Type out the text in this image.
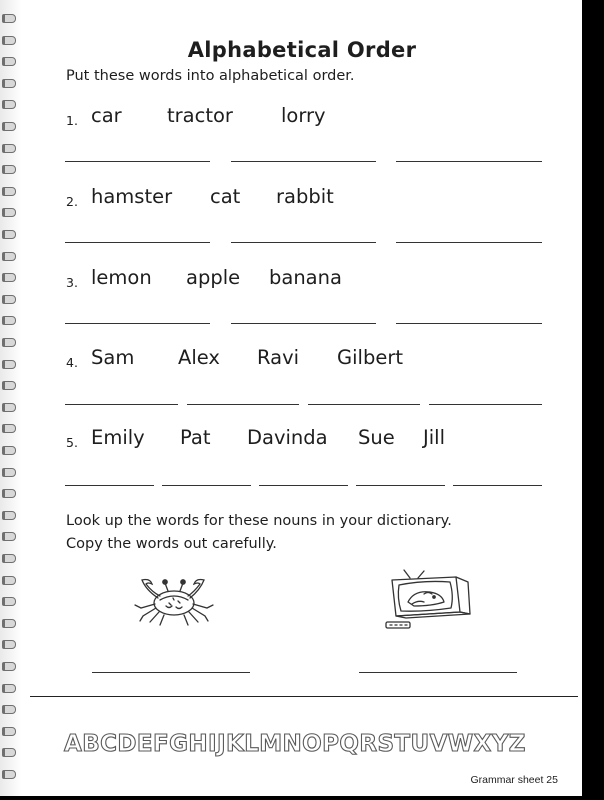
Alphabetical Order

Put these words into alphabetical order.

1. car tractor lorry
2. hamster cat rabbit
3. lemon apple banana
4. Sam Alex Ravi Gilbert
5. Emily Pat Davinda Sue Jill

Look up the words for these nouns in your dictionary.

Copy the words out carefully.

ABCDEFGHIJKLMNOPQRSTUVWXYZ
Grammar sheet 25
